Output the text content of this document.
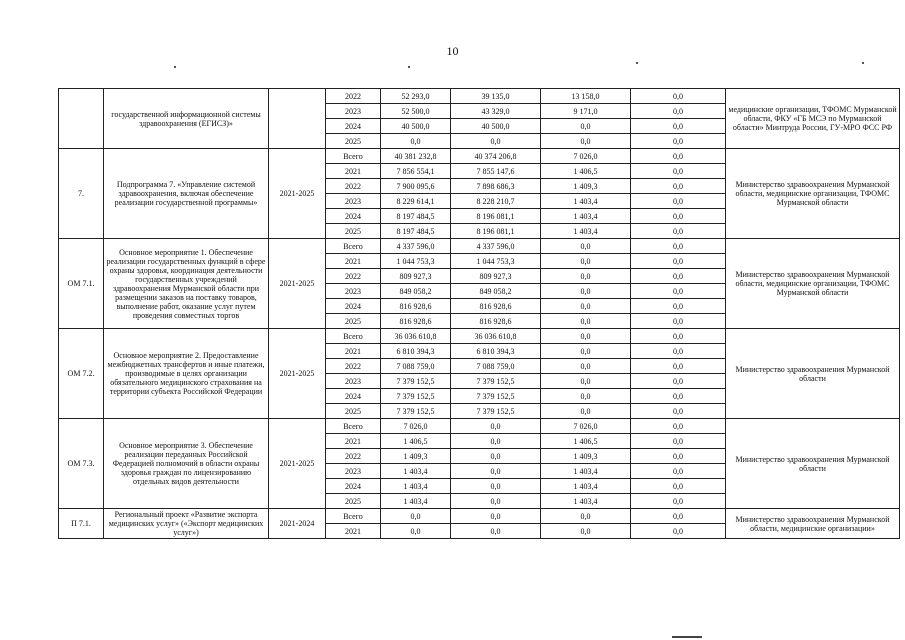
10
	государственной информационной системы здравоохранения (ЕГИСЗ)»		2022	52 293,0	39 135,0	13 158,0	0,0	медицинские организации, ТФОМС Мурманской области, ФКУ «ГБ МСЭ по Мурманской области» Минтруда России, ГУ-МРО ФСС РФ
			2023	52 500,0	43 329,0	9 171,0	0,0	
			2024	40 500,0	40 500,0	0,0	0,0	
			2025	0,0	0,0	0,0	0,0	
7.	Подпрограмма 7. «Управление системой здравоохранения, включая обеспечение реализации государственной программы»	2021-2025	Всего	40 381 232,8	40 374 206,8	7 026,0	0,0	Министерство здравоохранения Мурманской области, медицинские организации, ТФОМС Мурманской области
			2021	7 856 554,1	7 855 147,6	1 406,5	0,0	
			2022	7 900 095,6	7 898 686,3	1 409,3	0,0	
			2023	8 229 614,1	8 228 210,7	1 403,4	0,0	
			2024	8 197 484,5	8 196 081,1	1 403,4	0,0	
			2025	8 197 484,5	8 196 081,1	1 403,4	0,0	
ОМ 7.1.	Основное мероприятие 1. Обеспечение реализации государственных функций в сфере охраны здоровья, координация деятельности государственных учреждений здравоохранения Мурманской области при размещении заказов на поставку товаров, выполнение работ, оказание услуг путем проведения совместных торгов	2021-2025	Всего	4 337 596,0	4 337 596,0	0,0	0,0	Министерство здравоохранения Мурманской области, медицинские организации, ТФОМС Мурманской области
			2021	1 044 753,3	1 044 753,3	0,0	0,0	
			2022	809 927,3	809 927,3	0,0	0,0	
			2023	849 058,2	849 058,2	0,0	0,0	
			2024	816 928,6	816 928,6	0,0	0,0	
			2025	816 928,6	816 928,6	0,0	0,0	
ОМ 7.2.	Основное мероприятие 2. Предоставление межбюджетных трансфертов и иные платежи, производимые в целях организации обязательного медицинского страхования на территории субъекта Российской Федерации	2021-2025	Всего	36 036 610,8	36 036 610,8	0,0	0,0	Министерство здравоохранения Мурманской области
			2021	6 810 394,3	6 810 394,3	0,0	0,0	
			2022	7 088 759,0	7 088 759,0	0,0	0,0	
			2023	7 379 152,5	7 379 152,5	0,0	0,0	
			2024	7 379 152,5	7 379 152,5	0,0	0,0	
			2025	7 379 152,5	7 379 152,5	0,0	0,0	
ОМ 7.3.	Основное мероприятие 3. Обеспечение реализации переданных Российской Федерацией полномочий в области охраны здоровья граждан по лицензированию отдельных видов деятельности	2021-2025	Всего	7 026,0	0,0	7 026,0	0,0	Министерство здравоохранения Мурманской области
			2021	1 406,5	0,0	1 406,5	0,0	
			2022	1 409,3	0,0	1 409,3	0,0	
			2023	1 403,4	0,0	1 403,4	0,0	
			2024	1 403,4	0,0	1 403,4	0,0	
			2025	1 403,4	0,0	1 403,4	0,0	
П 7.1.	Региональный проект «Развитие экспорта медицинских услуг» («Экспорт медицинских услуг»)	2021-2024	Всего	0,0	0,0	0,0	0,0	Министерство здравоохранения Мурманской области, медицинские организации»
			2021	0,0	0,0	0,0	0,0	
